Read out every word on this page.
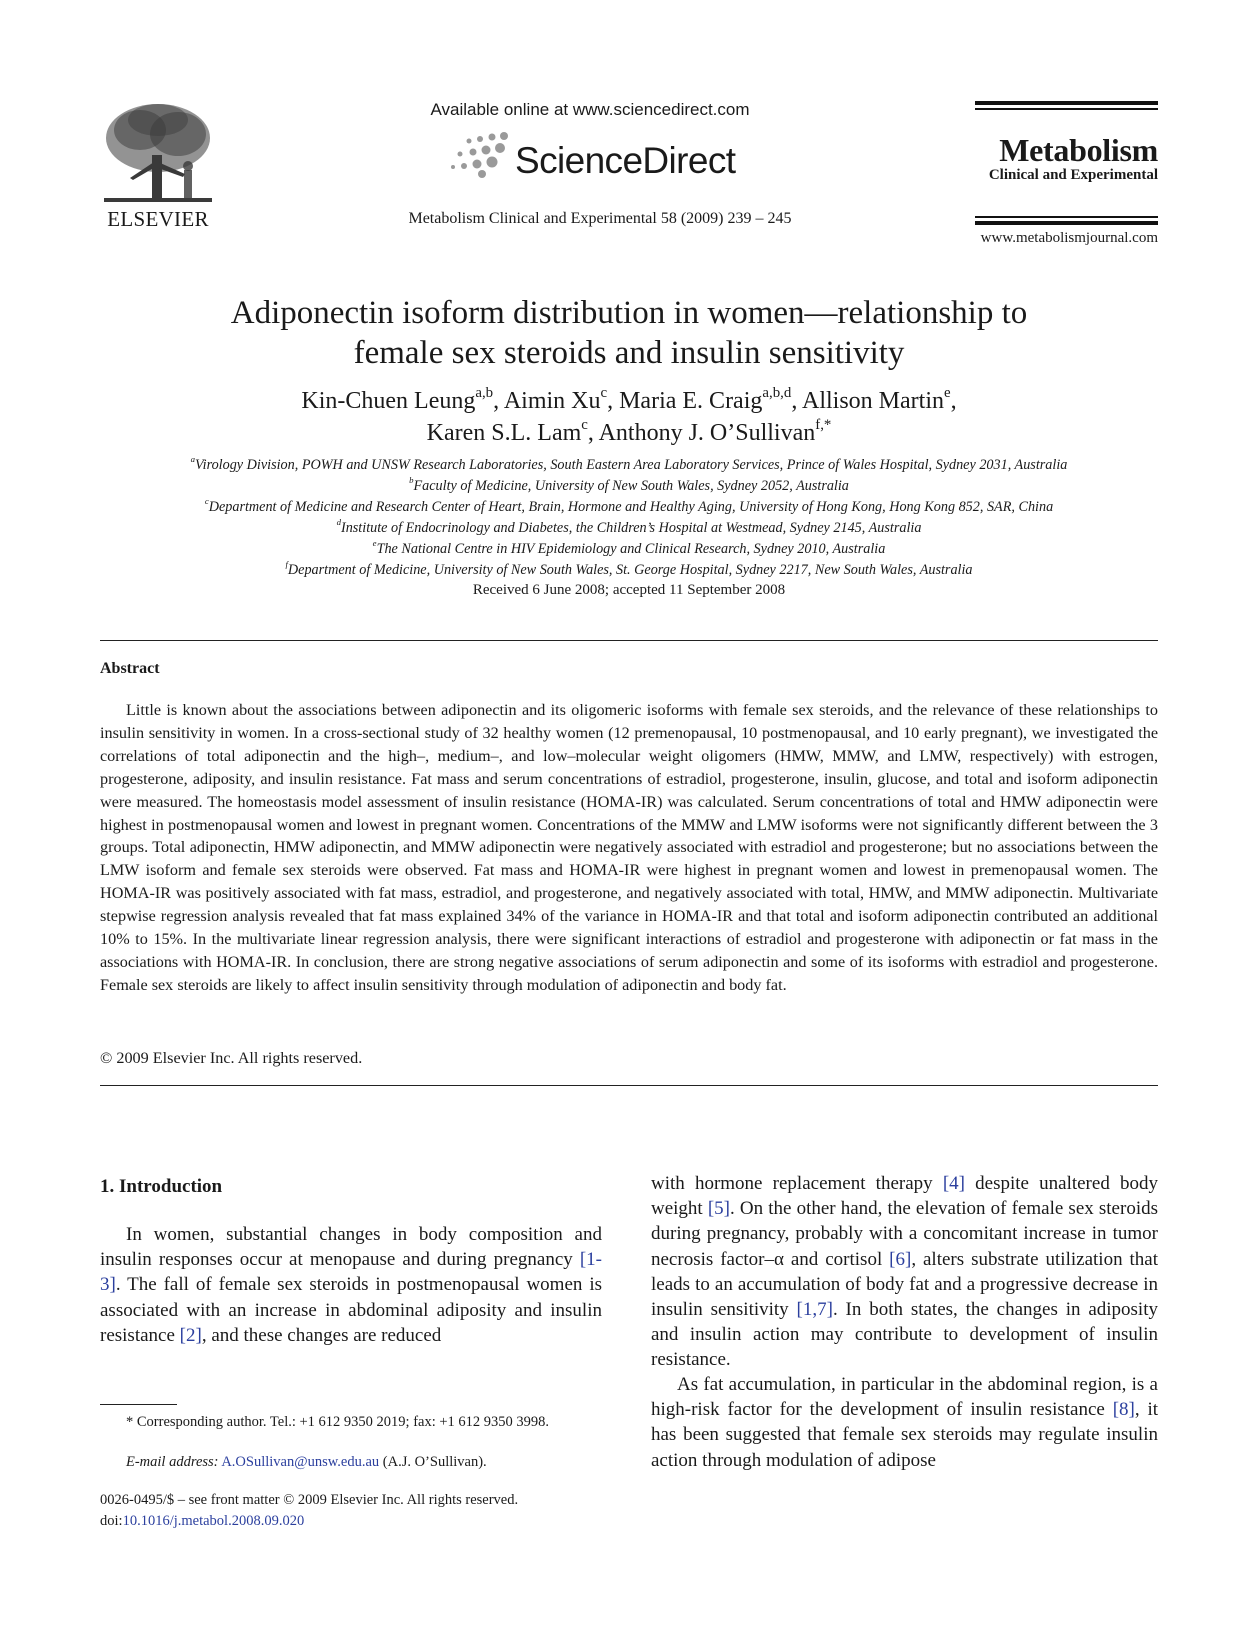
ELSEVIER
Available online at www.sciencedirect.com
ScienceDirect
Metabolism Clinical and Experimental 58 (2009) 239 – 245
Metabolism
Clinical and Experimental
www.metabolismjournal.com
Adiponectin isoform distribution in women—relationship to
female sex steroids and insulin sensitivity
Kin-Chuen Leung$^{a,b}$, Aimin Xu$^c$, Maria E. Craig$^{a,b,d}$, Allison Martin$^e$,
Karen S.L. Lam$^c$, Anthony J. O’Sullivan$^{f,*}$
$^a$Virology Division, POWH and UNSW Research Laboratories, South Eastern Area Laboratory Services, Prince of Wales Hospital, Sydney 2031, Australia
$^b$Faculty of Medicine, University of New South Wales, Sydney 2052, Australia
$^c$Department of Medicine and Research Center of Heart, Brain, Hormone and Healthy Aging, University of Hong Kong, Hong Kong 852, SAR, China
$^d$Institute of Endocrinology and Diabetes, the Children’s Hospital at Westmead, Sydney 2145, Australia
$^e$The National Centre in HIV Epidemiology and Clinical Research, Sydney 2010, Australia
$^f$Department of Medicine, University of New South Wales, St. George Hospital, Sydney 2217, New South Wales, Australia
Received 6 June 2008; accepted 11 September 2008
Abstract
Little is known about the associations between adiponectin and its oligomeric isoforms with female sex steroids, and the relevance of these relationships to insulin sensitivity in women. In a cross-sectional study of 32 healthy women (12 premenopausal, 10 postmenopausal, and 10 early pregnant), we investigated the correlations of total adiponectin and the high–, medium–, and low–molecular weight oligomers (HMW, MMW, and LMW, respectively) with estrogen, progesterone, adiposity, and insulin resistance. Fat mass and serum concentrations of estradiol, progesterone, insulin, glucose, and total and isoform adiponectin were measured. The homeostasis model assessment of insulin resistance (HOMA-IR) was calculated. Serum concentrations of total and HMW adiponectin were highest in postmenopausal women and lowest in pregnant women. Concentrations of the MMW and LMW isoforms were not significantly different between the 3 groups. Total adiponectin, HMW adiponectin, and MMW adiponectin were negatively associated with estradiol and progesterone; but no associations between the LMW isoform and female sex steroids were observed. Fat mass and HOMA-IR were highest in pregnant women and lowest in premenopausal women. The HOMA-IR was positively associated with fat mass, estradiol, and progesterone, and negatively associated with total, HMW, and MMW adiponectin. Multivariate stepwise regression analysis revealed that fat mass explained 34% of the variance in HOMA-IR and that total and isoform adiponectin contributed an additional 10% to 15%. In the multivariate linear regression analysis, there were significant interactions of estradiol and progesterone with adiponectin or fat mass in the associations with HOMA-IR. In conclusion, there are strong negative associations of serum adiponectin and some of its isoforms with estradiol and progesterone. Female sex steroids are likely to affect insulin sensitivity through modulation of adiponectin and body fat.
© 2009 Elsevier Inc. All rights reserved.
1. Introduction
In women, substantial changes in body composition and insulin responses occur at menopause and during pregnancy [1-3]. The fall of female sex steroids in postmenopausal women is associated with an increase in abdominal adiposity and insulin resistance [2], and these changes are reduced
with hormone replacement therapy [4] despite unaltered body weight [5]. On the other hand, the elevation of female sex steroids during pregnancy, probably with a concomitant increase in tumor necrosis factor–α and cortisol [6], alters substrate utilization that leads to an accumulation of body fat and a progressive decrease in insulin sensitivity [1,7]. In both states, the changes in adiposity and insulin action may contribute to development of insulin resistance.
As fat accumulation, in particular in the abdominal region, is a high-risk factor for the development of insulin resistance [8], it has been suggested that female sex steroids may regulate insulin action through modulation of adipose
* Corresponding author. Tel.: +1 612 9350 2019; fax: +1 612 9350 3998.
E-mail address: A.OSullivan@unsw.edu.au (A.J. O’Sullivan).
0026-0495/$ – see front matter © 2009 Elsevier Inc. All rights reserved.
doi:10.1016/j.metabol.2008.09.020
